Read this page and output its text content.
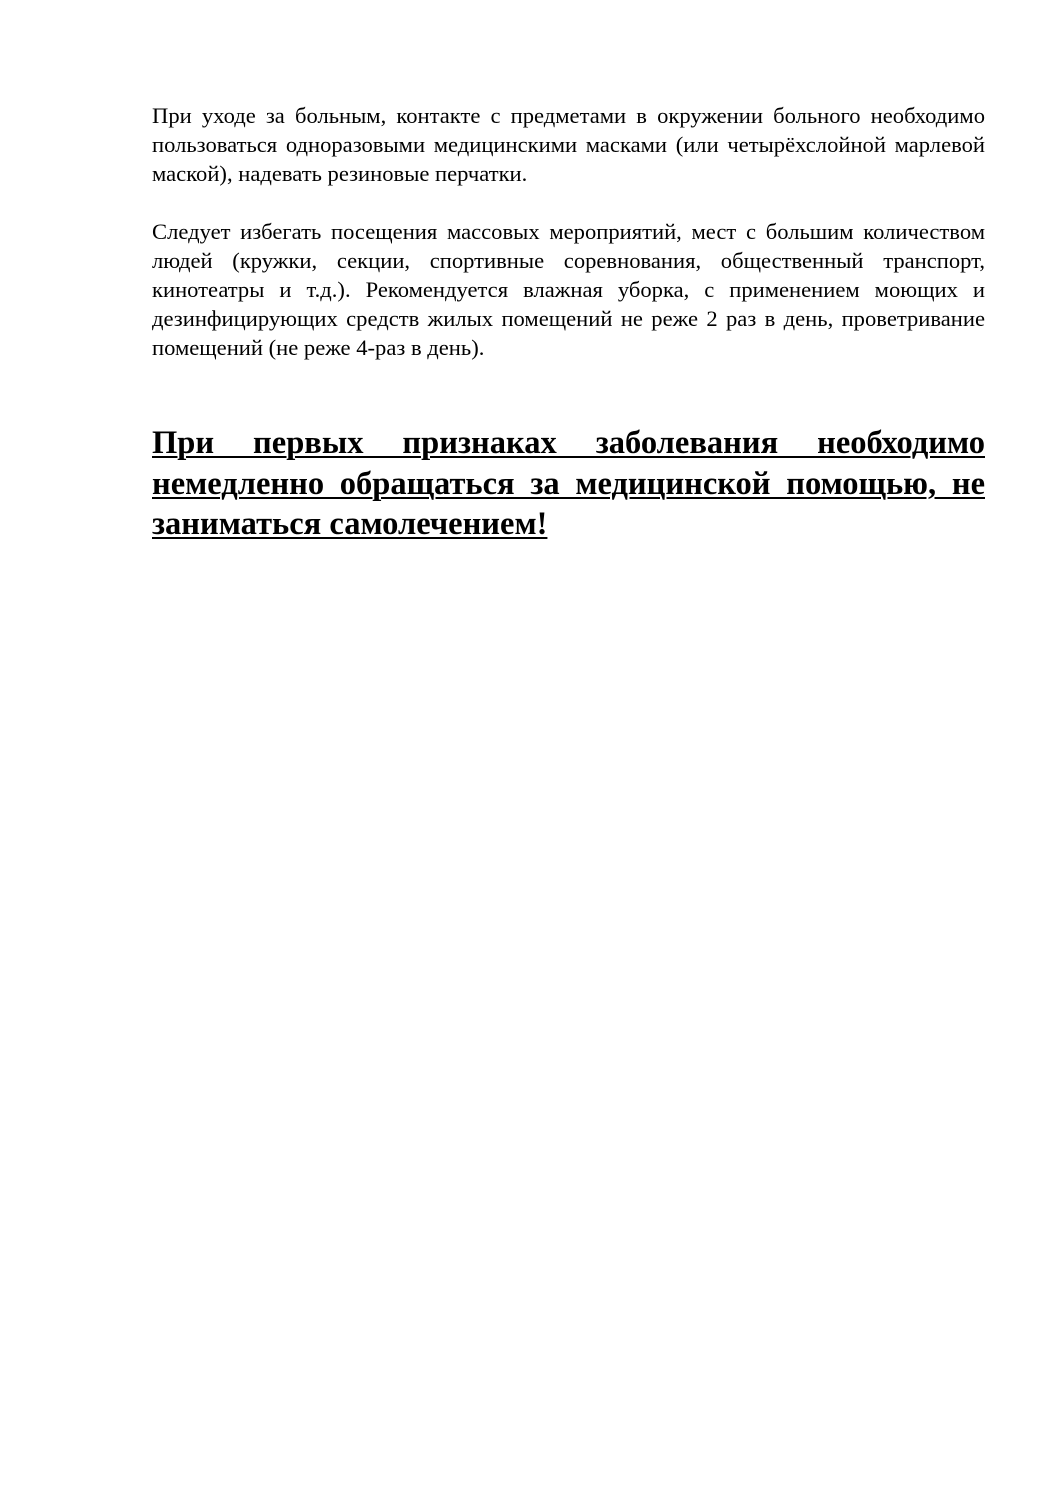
При уходе за больным, контакте с предметами в окружении больного необходимо пользоваться одноразовыми медицинскими масками (или четырёхслойной марлевой маской), надевать резиновые перчатки.

Следует избегать посещения массовых мероприятий, мест с большим количеством людей (кружки, секции, спортивные соревнования, общественный транспорт, кинотеатры и т.д.). Рекомендуется влажная уборка, с применением моющих и дезинфицирующих средств жилых помещений не реже 2 раз в день, проветривание помещений (не реже 4-раз в день).

При первых признаках заболевания необходимо немедленно обращаться за медицинской помощью, не заниматься самолечением!
